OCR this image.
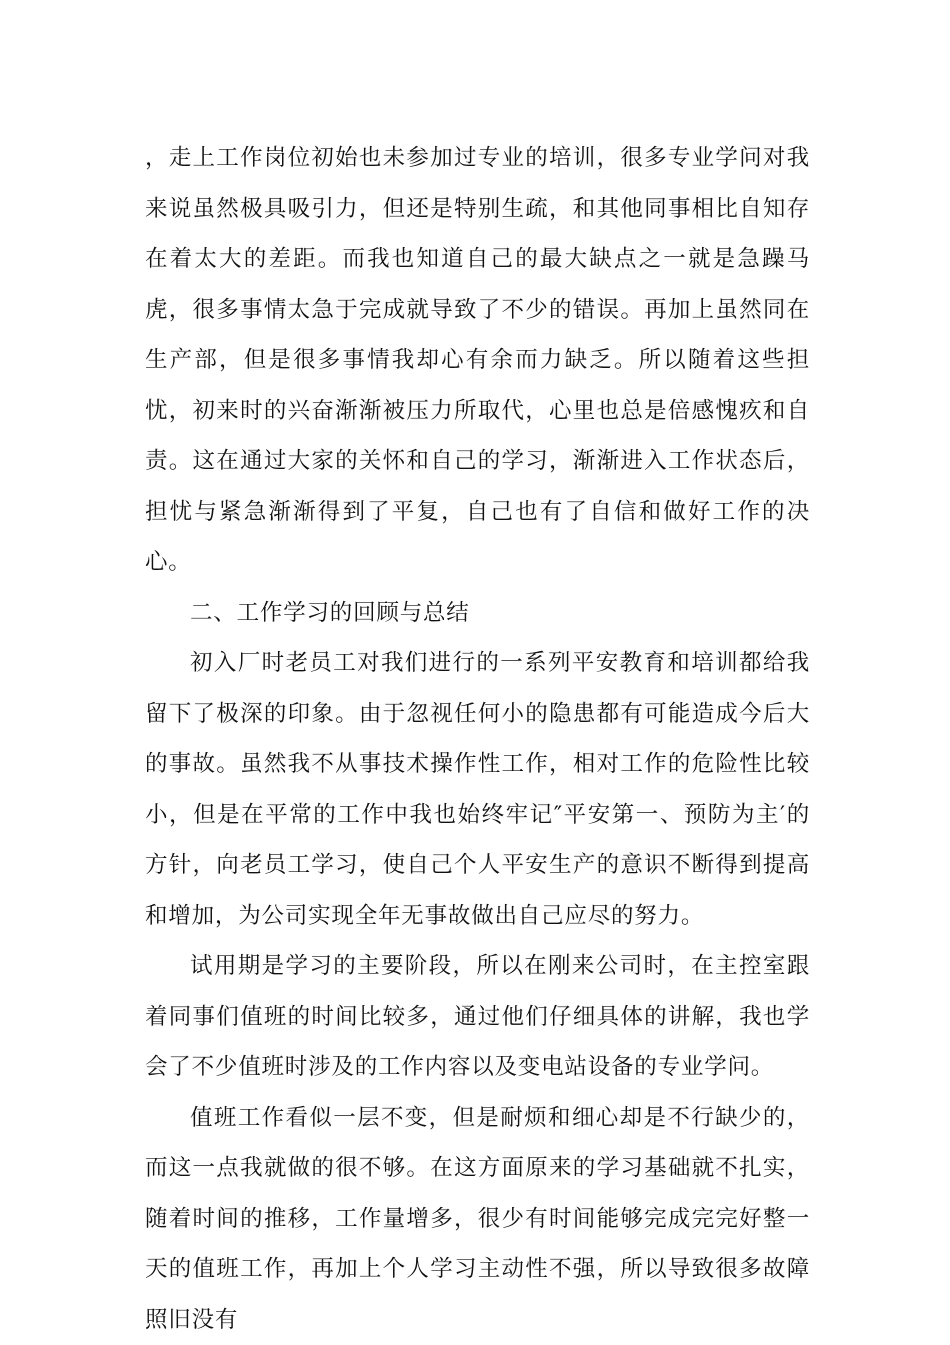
，走上工作岗位初始也未参加过专业的培训，很多专业学问对我来说虽然极具吸引力，但还是特别生疏，和其他同事相比自知存在着太大的差距。而我也知道自己的最大缺点之一就是急躁马虎，很多事情太急于完成就导致了不少的错误。再加上虽然同在生产部，但是很多事情我却心有余而力缺乏。所以随着这些担忧，初来时的兴奋渐渐被压力所取代，心里也总是倍感愧疚和自责。这在通过大家的关怀和自己的学习，渐渐进入工作状态后，担忧与紧急渐渐得到了平复，自己也有了自信和做好工作的决心。

二、工作学习的回顾与总结

初入厂时老员工对我们进行的一系列平安教育和培训都给我留下了极深的印象。由于忽视任何小的隐患都有可能造成今后大的事故。虽然我不从事技术操作性工作，相对工作的危险性比较小，但是在平常的工作中我也始终牢记″平安第一、预防为主′的方针，向老员工学习，使自己个人平安生产的意识不断得到提高和增加，为公司实现全年无事故做出自己应尽的努力。

试用期是学习的主要阶段，所以在刚来公司时，在主控室跟着同事们值班的时间比较多，通过他们仔细具体的讲解，我也学会了不少值班时涉及的工作内容以及变电站设备的专业学问。

值班工作看似一层不变，但是耐烦和细心却是不行缺少的，而这一点我就做的很不够。在这方面原来的学习基础就不扎实，随着时间的推移，工作量增多，很少有时间能够完成完完好整一天的值班工作，再加上个人学习主动性不强，所以导致很多故障照旧没有
